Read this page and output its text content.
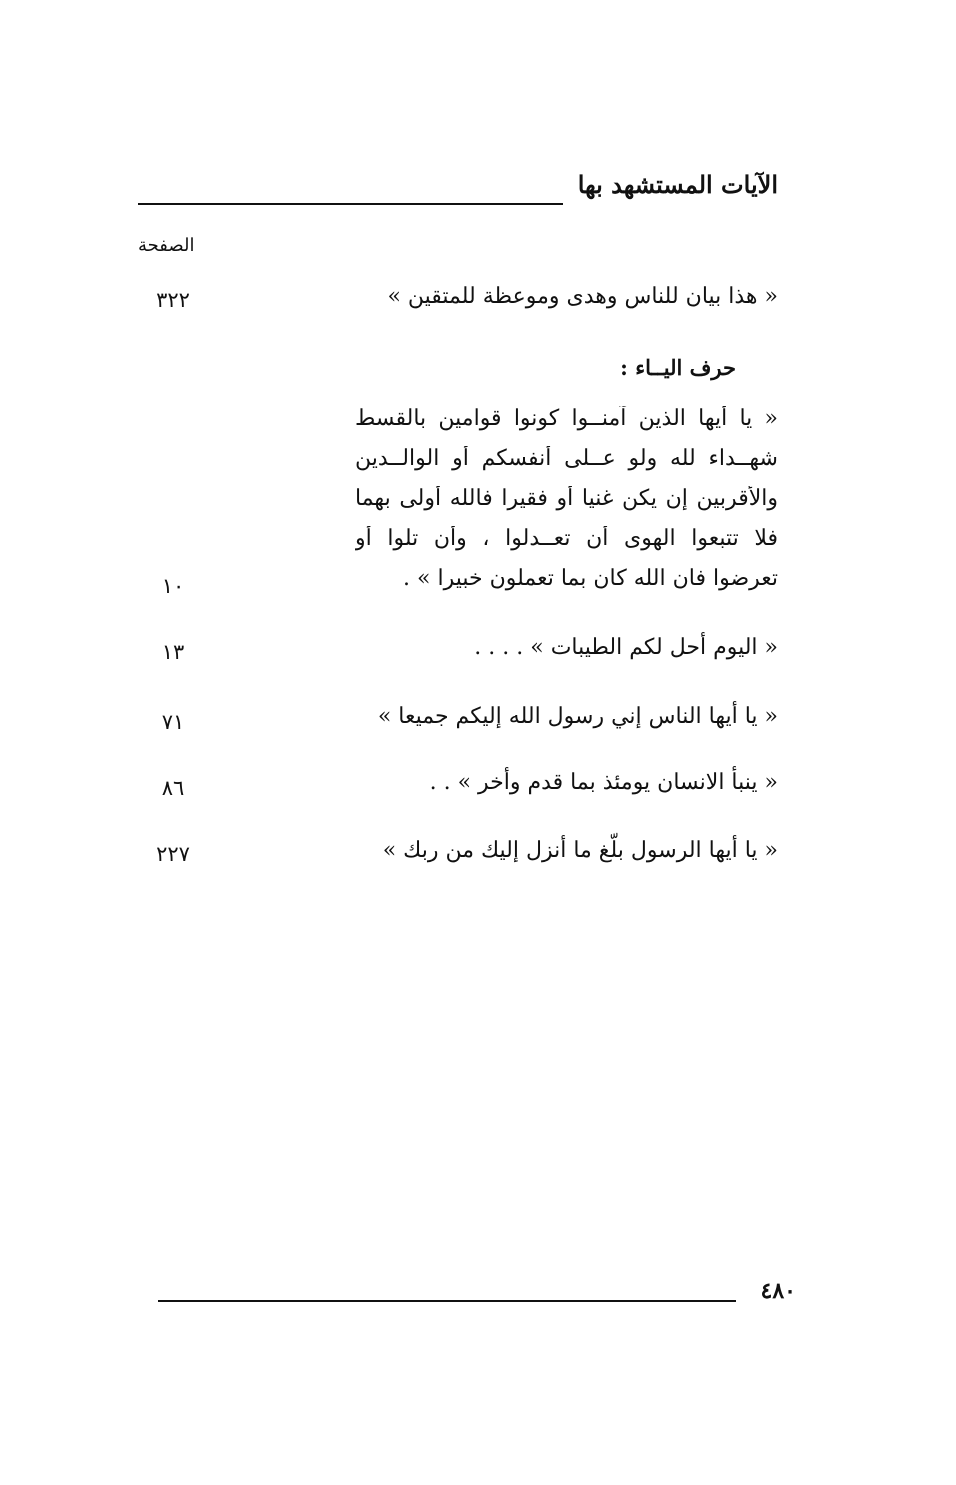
الآيات المستشهد بها
الصفحة
« هذا بيان للناس وهدى وموعظة للمتقين »
٣٢٢
حرف اليــاء :
« يا أيها الذين آمنــوا كونوا قوامين بالقسط
شهــداء لله ولو عــلى أنفسكم أو الوالــدين
والأقربين إن يكن غنيا أو فقيرا فالله أولى بهما
فلا تتبعوا الهوى أن تعــدلوا ، وأن تلوا أو
تعرضوا فان الله كان بما تعملون خبيرا » .
١٠
« اليوم أحل لكم الطيبات » . . . .
١٣
« يا أيها الناس إني رسول الله إليكم جميعا »
٧١
« ينبأ الانسان يومئذ بما قدم وأخر » . .
٨٦
« يا أيها الرسول بلّغ ما أنزل إليك من ربك »
٢٢٧
٤٨٠
